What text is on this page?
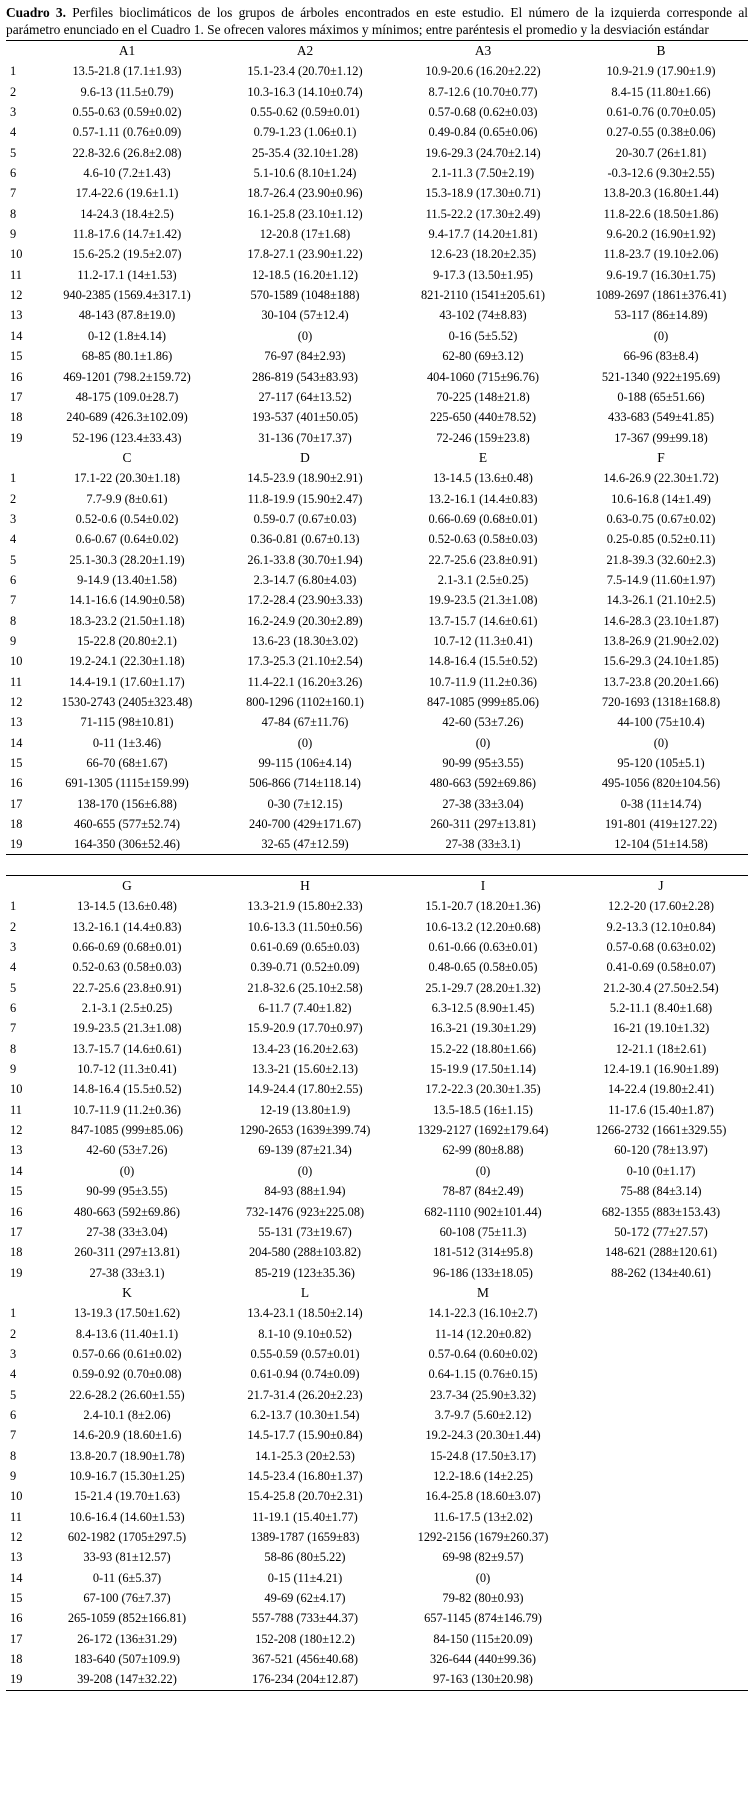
Cuadro 3. Perfiles bioclimáticos de los grupos de árboles encontrados en este estudio. El número de la izquierda corresponde al parámetro enunciado en el Cuadro 1. Se ofrecen valores máximos y mínimos; entre paréntesis el promedio y la desviación estándar
	A1	A2	A3	B
1	13.5-21.8 (17.1±1.93)	15.1-23.4 (20.70±1.12)	10.9-20.6 (16.20±2.22)	10.9-21.9 (17.90±1.9)
2	9.6-13 (11.5±0.79)	10.3-16.3 (14.10±0.74)	8.7-12.6 (10.70±0.77)	8.4-15 (11.80±1.66)
3	0.55-0.63 (0.59±0.02)	0.55-0.62 (0.59±0.01)	0.57-0.68 (0.62±0.03)	0.61-0.76 (0.70±0.05)
4	0.57-1.11 (0.76±0.09)	0.79-1.23 (1.06±0.1)	0.49-0.84 (0.65±0.06)	0.27-0.55 (0.38±0.06)
5	22.8-32.6 (26.8±2.08)	25-35.4 (32.10±1.28)	19.6-29.3 (24.70±2.14)	20-30.7 (26±1.81)
6	4.6-10 (7.2±1.43)	5.1-10.6 (8.10±1.24)	2.1-11.3 (7.50±2.19)	-0.3-12.6 (9.30±2.55)
7	17.4-22.6 (19.6±1.1)	18.7-26.4 (23.90±0.96)	15.3-18.9 (17.30±0.71)	13.8-20.3 (16.80±1.44)
8	14-24.3 (18.4±2.5)	16.1-25.8 (23.10±1.12)	11.5-22.2 (17.30±2.49)	11.8-22.6 (18.50±1.86)
9	11.8-17.6 (14.7±1.42)	12-20.8 (17±1.68)	9.4-17.7 (14.20±1.81)	9.6-20.2 (16.90±1.92)
10	15.6-25.2 (19.5±2.07)	17.8-27.1 (23.90±1.22)	12.6-23 (18.20±2.35)	11.8-23.7 (19.10±2.06)
11	11.2-17.1 (14±1.53)	12-18.5 (16.20±1.12)	9-17.3 (13.50±1.95)	9.6-19.7 (16.30±1.75)
12	940-2385 (1569.4±317.1)	570-1589 (1048±188)	821-2110 (1541±205.61)	1089-2697 (1861±376.41)
13	48-143 (87.8±19.0)	30-104 (57±12.4)	43-102 (74±8.83)	53-117 (86±14.89)
14	0-12 (1.8±4.14)	(0)	0-16 (5±5.52)	(0)
15	68-85 (80.1±1.86)	76-97 (84±2.93)	62-80 (69±3.12)	66-96 (83±8.4)
16	469-1201 (798.2±159.72)	286-819 (543±83.93)	404-1060 (715±96.76)	521-1340 (922±195.69)
17	48-175 (109.0±28.7)	27-117 (64±13.52)	70-225 (148±21.8)	0-188 (65±51.66)
18	240-689 (426.3±102.09)	193-537 (401±50.05)	225-650 (440±78.52)	433-683 (549±41.85)
19	52-196 (123.4±33.43)	31-136 (70±17.37)	72-246 (159±23.8)	17-367 (99±99.18)
	C	D	E	F
1	17.1-22 (20.30±1.18)	14.5-23.9 (18.90±2.91)	13-14.5 (13.6±0.48)	14.6-26.9 (22.30±1.72)
2	7.7-9.9 (8±0.61)	11.8-19.9 (15.90±2.47)	13.2-16.1 (14.4±0.83)	10.6-16.8 (14±1.49)
3	0.52-0.6 (0.54±0.02)	0.59-0.7 (0.67±0.03)	0.66-0.69 (0.68±0.01)	0.63-0.75 (0.67±0.02)
4	0.6-0.67 (0.64±0.02)	0.36-0.81 (0.67±0.13)	0.52-0.63 (0.58±0.03)	0.25-0.85 (0.52±0.11)
5	25.1-30.3 (28.20±1.19)	26.1-33.8 (30.70±1.94)	22.7-25.6 (23.8±0.91)	21.8-39.3 (32.60±2.3)
6	9-14.9 (13.40±1.58)	2.3-14.7 (6.80±4.03)	2.1-3.1 (2.5±0.25)	7.5-14.9 (11.60±1.97)
7	14.1-16.6 (14.90±0.58)	17.2-28.4 (23.90±3.33)	19.9-23.5 (21.3±1.08)	14.3-26.1 (21.10±2.5)
8	18.3-23.2 (21.50±1.18)	16.2-24.9 (20.30±2.89)	13.7-15.7 (14.6±0.61)	14.6-28.3 (23.10±1.87)
9	15-22.8 (20.80±2.1)	13.6-23 (18.30±3.02)	10.7-12 (11.3±0.41)	13.8-26.9 (21.90±2.02)
10	19.2-24.1 (22.30±1.18)	17.3-25.3 (21.10±2.54)	14.8-16.4 (15.5±0.52)	15.6-29.3 (24.10±1.85)
11	14.4-19.1 (17.60±1.17)	11.4-22.1 (16.20±3.26)	10.7-11.9 (11.2±0.36)	13.7-23.8 (20.20±1.66)
12	1530-2743 (2405±323.48)	800-1296 (1102±160.1)	847-1085 (999±85.06)	720-1693 (1318±168.8)
13	71-115 (98±10.81)	47-84 (67±11.76)	42-60 (53±7.26)	44-100 (75±10.4)
14	0-11 (1±3.46)	(0)	(0)	(0)
15	66-70 (68±1.67)	99-115 (106±4.14)	90-99 (95±3.55)	95-120 (105±5.1)
16	691-1305 (1115±159.99)	506-866 (714±118.14)	480-663 (592±69.86)	495-1056 (820±104.56)
17	138-170 (156±6.88)	0-30 (7±12.15)	27-38 (33±3.04)	0-38 (11±14.74)
18	460-655 (577±52.74)	240-700 (429±171.67)	260-311 (297±13.81)	191-801 (419±127.22)
19	164-350 (306±52.46)	32-65 (47±12.59)	27-38 (33±3.1)	12-104 (51±14.58)
	G	H	I	J
1	13-14.5 (13.6±0.48)	13.3-21.9 (15.80±2.33)	15.1-20.7 (18.20±1.36)	12.2-20 (17.60±2.28)
2	13.2-16.1 (14.4±0.83)	10.6-13.3 (11.50±0.56)	10.6-13.2 (12.20±0.68)	9.2-13.3 (12.10±0.84)
3	0.66-0.69 (0.68±0.01)	0.61-0.69 (0.65±0.03)	0.61-0.66 (0.63±0.01)	0.57-0.68 (0.63±0.02)
4	0.52-0.63 (0.58±0.03)	0.39-0.71 (0.52±0.09)	0.48-0.65 (0.58±0.05)	0.41-0.69 (0.58±0.07)
5	22.7-25.6 (23.8±0.91)	21.8-32.6 (25.10±2.58)	25.1-29.7 (28.20±1.32)	21.2-30.4 (27.50±2.54)
6	2.1-3.1 (2.5±0.25)	6-11.7 (7.40±1.82)	6.3-12.5 (8.90±1.45)	5.2-11.1 (8.40±1.68)
7	19.9-23.5 (21.3±1.08)	15.9-20.9 (17.70±0.97)	16.3-21 (19.30±1.29)	16-21 (19.10±1.32)
8	13.7-15.7 (14.6±0.61)	13.4-23 (16.20±2.63)	15.2-22 (18.80±1.66)	12-21.1 (18±2.61)
9	10.7-12 (11.3±0.41)	13.3-21 (15.60±2.13)	15-19.9 (17.50±1.14)	12.4-19.1 (16.90±1.89)
10	14.8-16.4 (15.5±0.52)	14.9-24.4 (17.80±2.55)	17.2-22.3 (20.30±1.35)	14-22.4 (19.80±2.41)
11	10.7-11.9 (11.2±0.36)	12-19 (13.80±1.9)	13.5-18.5 (16±1.15)	11-17.6 (15.40±1.87)
12	847-1085 (999±85.06)	1290-2653 (1639±399.74)	1329-2127 (1692±179.64)	1266-2732 (1661±329.55)
13	42-60 (53±7.26)	69-139 (87±21.34)	62-99 (80±8.88)	60-120 (78±13.97)
14	(0)	(0)	(0)	0-10 (0±1.17)
15	90-99 (95±3.55)	84-93 (88±1.94)	78-87 (84±2.49)	75-88 (84±3.14)
16	480-663 (592±69.86)	732-1476 (923±225.08)	682-1110 (902±101.44)	682-1355 (883±153.43)
17	27-38 (33±3.04)	55-131 (73±19.67)	60-108 (75±11.3)	50-172 (77±27.57)
18	260-311 (297±13.81)	204-580 (288±103.82)	181-512 (314±95.8)	148-621 (288±120.61)
19	27-38 (33±3.1)	85-219 (123±35.36)	96-186 (133±18.05)	88-262 (134±40.61)
	K	L	M	
1	13-19.3 (17.50±1.62)	13.4-23.1 (18.50±2.14)	14.1-22.3 (16.10±2.7)	
2	8.4-13.6 (11.40±1.1)	8.1-10 (9.10±0.52)	11-14 (12.20±0.82)	
3	0.57-0.66 (0.61±0.02)	0.55-0.59 (0.57±0.01)	0.57-0.64 (0.60±0.02)	
4	0.59-0.92 (0.70±0.08)	0.61-0.94 (0.74±0.09)	0.64-1.15 (0.76±0.15)	
5	22.6-28.2 (26.60±1.55)	21.7-31.4 (26.20±2.23)	23.7-34 (25.90±3.32)	
6	2.4-10.1 (8±2.06)	6.2-13.7 (10.30±1.54)	3.7-9.7 (5.60±2.12)	
7	14.6-20.9 (18.60±1.6)	14.5-17.7 (15.90±0.84)	19.2-24.3 (20.30±1.44)	
8	13.8-20.7 (18.90±1.78)	14.1-25.3 (20±2.53)	15-24.8 (17.50±3.17)	
9	10.9-16.7 (15.30±1.25)	14.5-23.4 (16.80±1.37)	12.2-18.6 (14±2.25)	
10	15-21.4 (19.70±1.63)	15.4-25.8 (20.70±2.31)	16.4-25.8 (18.60±3.07)	
11	10.6-16.4 (14.60±1.53)	11-19.1 (15.40±1.77)	11.6-17.5 (13±2.02)	
12	602-1982 (1705±297.5)	1389-1787 (1659±83)	1292-2156 (1679±260.37)	
13	33-93 (81±12.57)	58-86 (80±5.22)	69-98 (82±9.57)	
14	0-11 (6±5.37)	0-15 (11±4.21)	(0)	
15	67-100 (76±7.37)	49-69 (62±4.17)	79-82 (80±0.93)	
16	265-1059 (852±166.81)	557-788 (733±44.37)	657-1145 (874±146.79)	
17	26-172 (136±31.29)	152-208 (180±12.2)	84-150 (115±20.09)	
18	183-640 (507±109.9)	367-521 (456±40.68)	326-644 (440±99.36)	
19	39-208 (147±32.22)	176-234 (204±12.87)	97-163 (130±20.98)	
